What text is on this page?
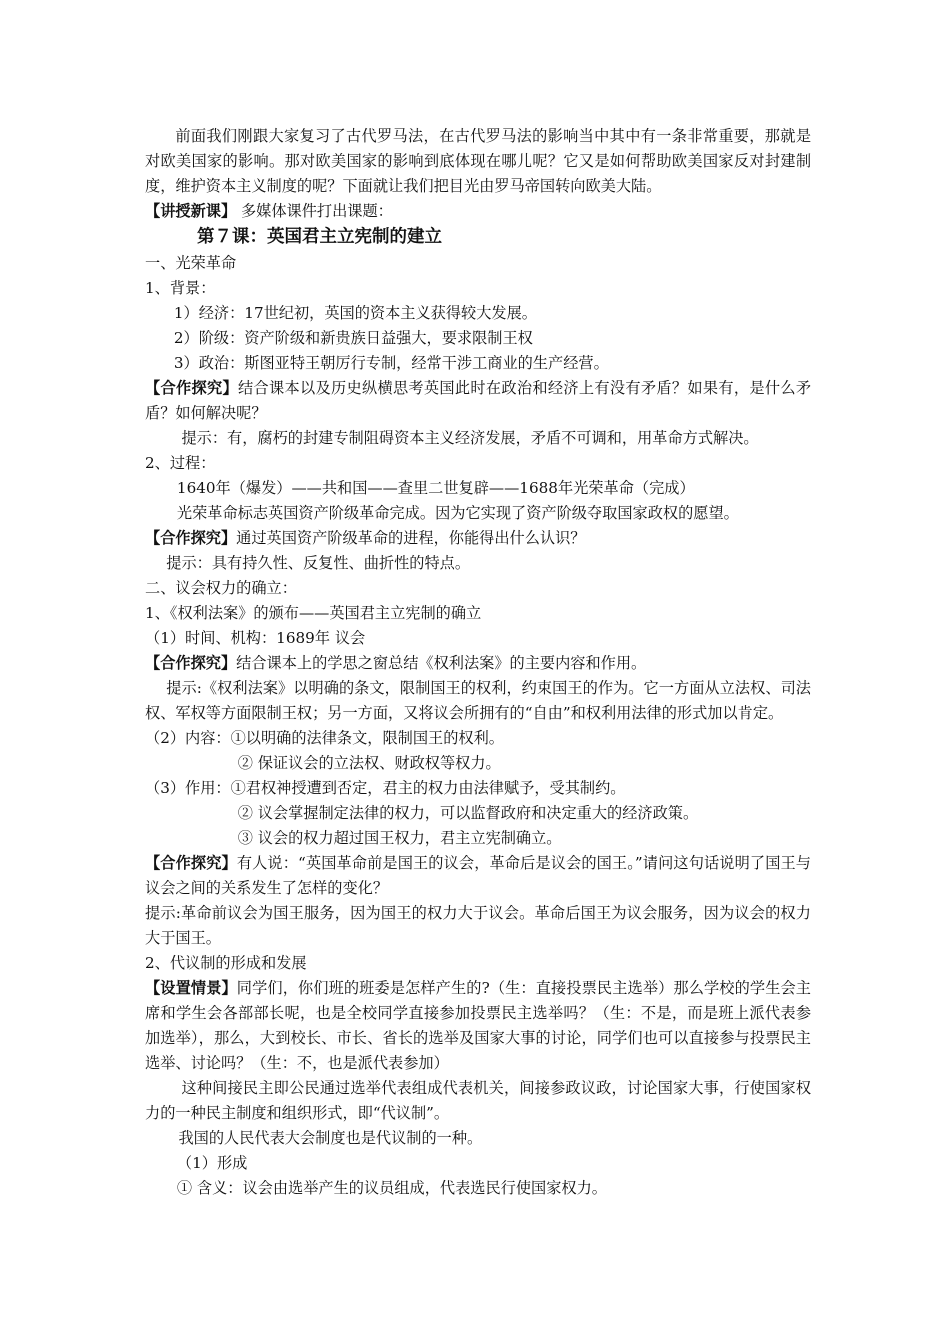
前面我们刚跟大家复习了古代罗马法，在古代罗马法的影响当中其中有一条非常重要，那就是对欧美国家的影响。那对欧美国家的影响到底体现在哪儿呢？它又是如何帮助欧美国家反对封建制度，维护资本主义制度的呢？下面就让我们把目光由罗马帝国转向欧美大陆。

【讲授新课】 多媒体课件打出课题：

第７课：英国君主立宪制的建立

一、光荣革命

1、背景：

1）经济：17世纪初，英国的资本主义获得较大发展。

2）阶级：资产阶级和新贵族日益强大，要求限制王权

3）政治：斯图亚特王朝厉行专制，经常干涉工商业的生产经营。

【合作探究】结合课本以及历史纵横思考英国此时在政治和经济上有没有矛盾？如果有，是什么矛盾？如何解决呢？

提示：有，腐朽的封建专制阻碍资本主义经济发展，矛盾不可调和，用革命方式解决。

2、过程：

1640年（爆发）——共和国——查里二世复辟——1688年光荣革命（完成）

光荣革命标志英国资产阶级革命完成。因为它实现了资产阶级夺取国家政权的愿望。

【合作探究】通过英国资产阶级革命的进程，你能得出什么认识？

提示：具有持久性、反复性、曲折性的特点。

二、议会权力的确立：

1、《权利法案》的颁布——英国君主立宪制的确立

（1）时间、机构：1689年 议会

【合作探究】结合课本上的学思之窗总结《权利法案》的主要内容和作用。

提示:《权利法案》以明确的条文，限制国王的权利，约束国王的作为。它一方面从立法权、司法权、军权等方面限制王权；另一方面，又将议会所拥有的“自由”和权利用法律的形式加以肯定。

（2）内容：①以明确的法律条文，限制国王的权利。

② 保证议会的立法权、财政权等权力。

（3）作用：①君权神授遭到否定，君主的权力由法律赋予，受其制约。

② 议会掌握制定法律的权力，可以监督政府和决定重大的经济政策。

③ 议会的权力超过国王权力，君主立宪制确立。

【合作探究】有人说：“英国革命前是国王的议会，革命后是议会的国王。”请问这句话说明了国王与议会之间的关系发生了怎样的变化？

提示:革命前议会为国王服务，因为国王的权力大于议会。革命后国王为议会服务，因为议会的权力大于国王。

2、代议制的形成和发展

【设置情景】同学们，你们班的班委是怎样产生的?（生：直接投票民主选举）那么学校的学生会主席和学生会各部部长呢，也是全校同学直接参加投票民主选举吗？（生：不是，而是班上派代表参加选举），那么，大到校长、市长、省长的选举及国家大事的讨论，同学们也可以直接参与投票民主选举、讨论吗？（生：不，也是派代表参加）

这种间接民主即公民通过选举代表组成代表机关，间接参政议政，讨论国家大事，行使国家权力的一种民主制度和组织形式，即“代议制”。

我国的人民代表大会制度也是代议制的一种。

（1）形成

① 含义：议会由选举产生的议员组成，代表选民行使国家权力。
